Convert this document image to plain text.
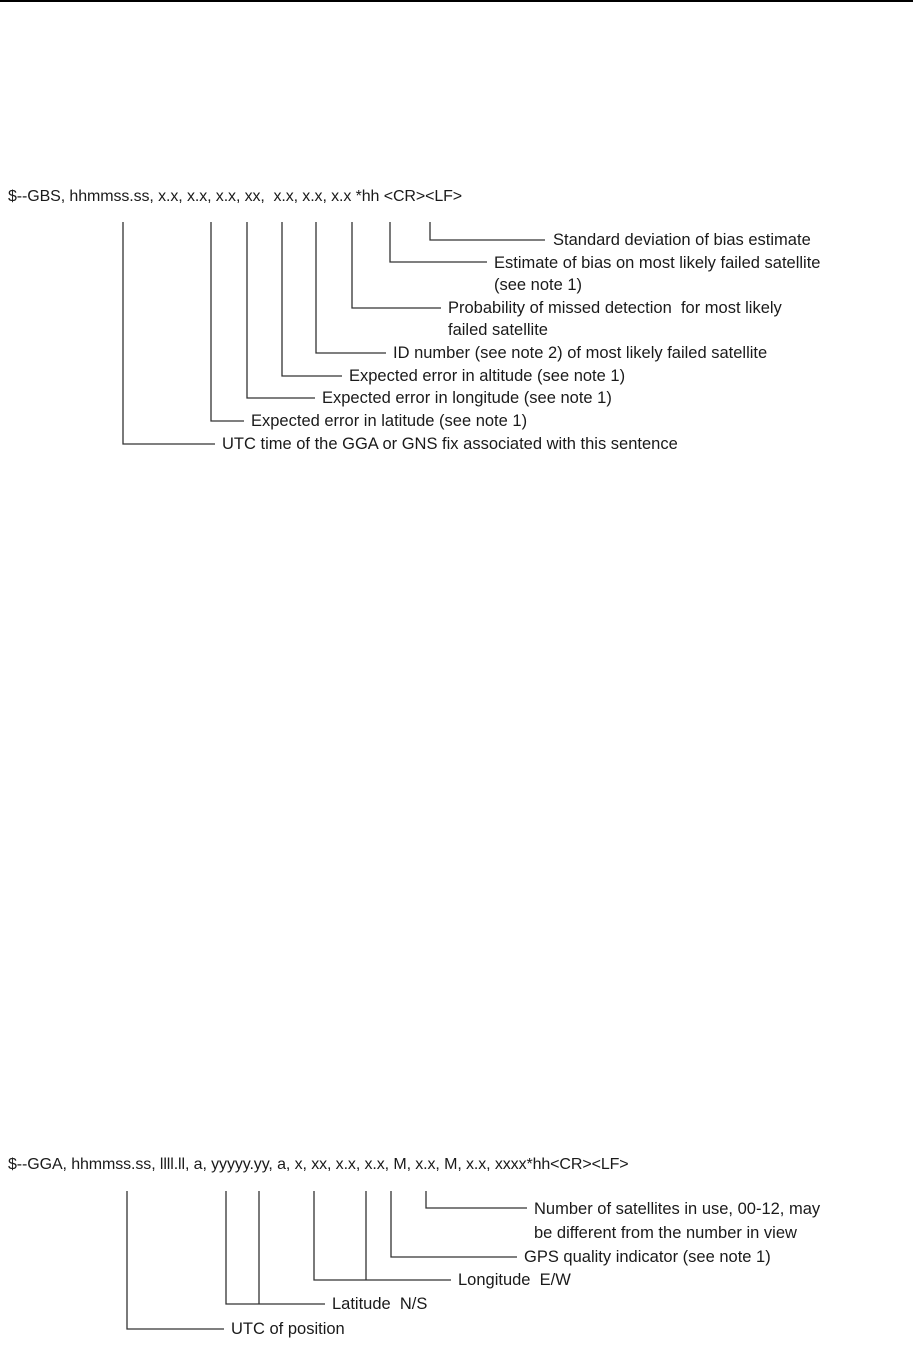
$--GBS, hhmmss.ss, x.x, x.x, x.x, xx,  x.x, x.x, x.x *hh <CR><LF>
Standard deviation of bias estimate
Estimate of bias on most likely failed satellite
(see note 1)
Probability of missed detection  for most likely
failed satellite
ID number (see note 2) of most likely failed satellite
Expected error in altitude (see note 1)
Expected error in longitude (see note 1)
Expected error in latitude (see note 1)
UTC time of the GGA or GNS fix associated with this sentence
$--GGA, hhmmss.ss, llll.ll, a, yyyyy.yy, a, x, xx, x.x, x.x, M, x.x, M, x.x, xxxx*hh<CR><LF>
Number of satellites in use, 00-12, may
be different from the number in view
GPS quality indicator (see note 1)
Longitude  E/W
Latitude  N/S
UTC of position
